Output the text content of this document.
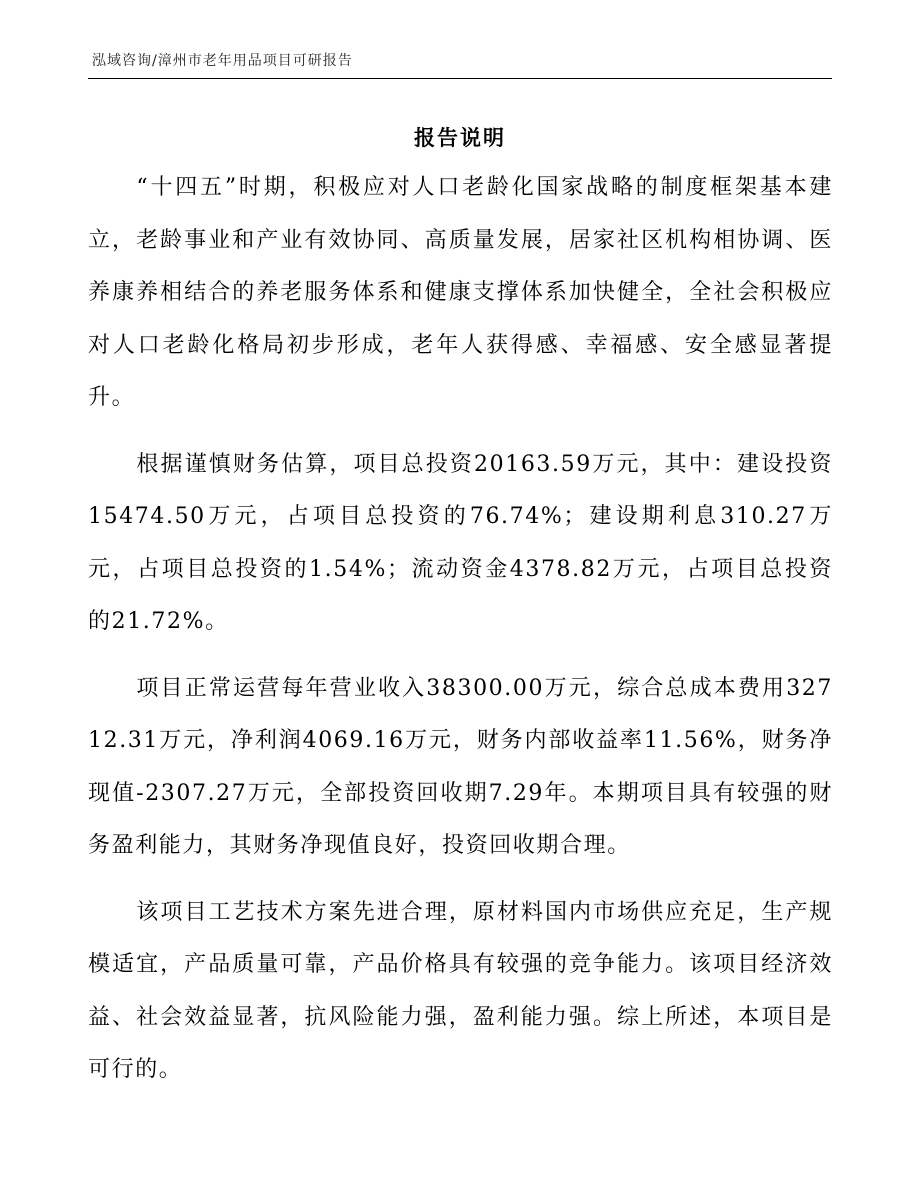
泓域咨询/漳州市老年用品项目可研报告
报告说明

“十四五”时期，积极应对人口老龄化国家战略的制度框架基本建立，老龄事业和产业有效协同、高质量发展，居家社区机构相协调、医养康养相结合的养老服务体系和健康支撑体系加快健全，全社会积极应对人口老龄化格局初步形成，老年人获得感、幸福感、安全感显著提升。

根据谨慎财务估算，项目总投资20163.59万元，其中：建设投资15474.50万元，占项目总投资的76.74%；建设期利息310.27万元，占项目总投资的1.54%；流动资金4378.82万元，占项目总投资的21.72%。

项目正常运营每年营业收入38300.00万元，综合总成本费用32712.31万元，净利润4069.16万元，财务内部收益率11.56%，财务净现值-2307.27万元，全部投资回收期7.29年。本期项目具有较强的财务盈利能力，其财务净现值良好，投资回收期合理。

该项目工艺技术方案先进合理，原材料国内市场供应充足，生产规模适宜，产品质量可靠，产品价格具有较强的竞争能力。该项目经济效益、社会效益显著，抗风险能力强，盈利能力强。综上所述，本项目是可行的。
